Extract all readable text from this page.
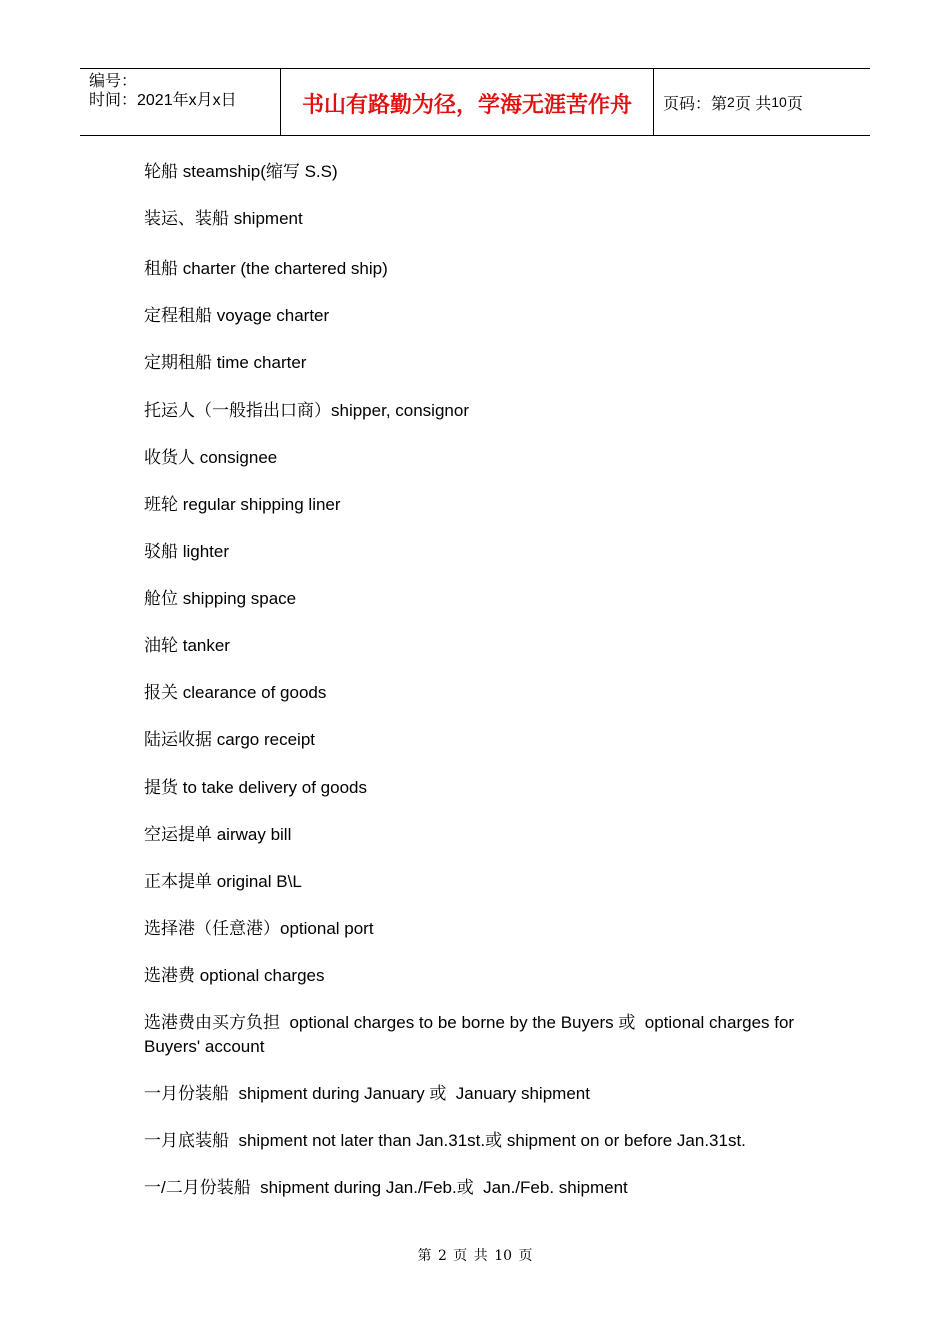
编号：
时间：2021年x月x日	书山有路勤为径，学海无涯苦作舟	页码：第 2 页 共 10 页

轮船 steamship(缩写 S.S)

装运、装船 shipment

租船 charter (the chartered ship)

定程租船 voyage charter

定期租船 time charter

托运人（一般指出口商）shipper, consignor

收货人 consignee

班轮 regular shipping liner

驳船 lighter

舱位 shipping space

油轮 tanker

报关 clearance of goods

陆运收据 cargo receipt

提货 to take delivery of goods

空运提单 airway bill

正本提单 original B\L

选择港（任意港）optional port

选港费 optional charges

选港费由买方负担  optional charges to be borne by the Buyers 或  optional charges for Buyers' account

一月份装船  shipment during January 或  January shipment

一月底装船  shipment not later than Jan.31st.或 shipment on or before Jan.31st.

一/二月份装船  shipment during Jan./Feb.或  Jan./Feb. shipment

第 2 页 共 10 页
